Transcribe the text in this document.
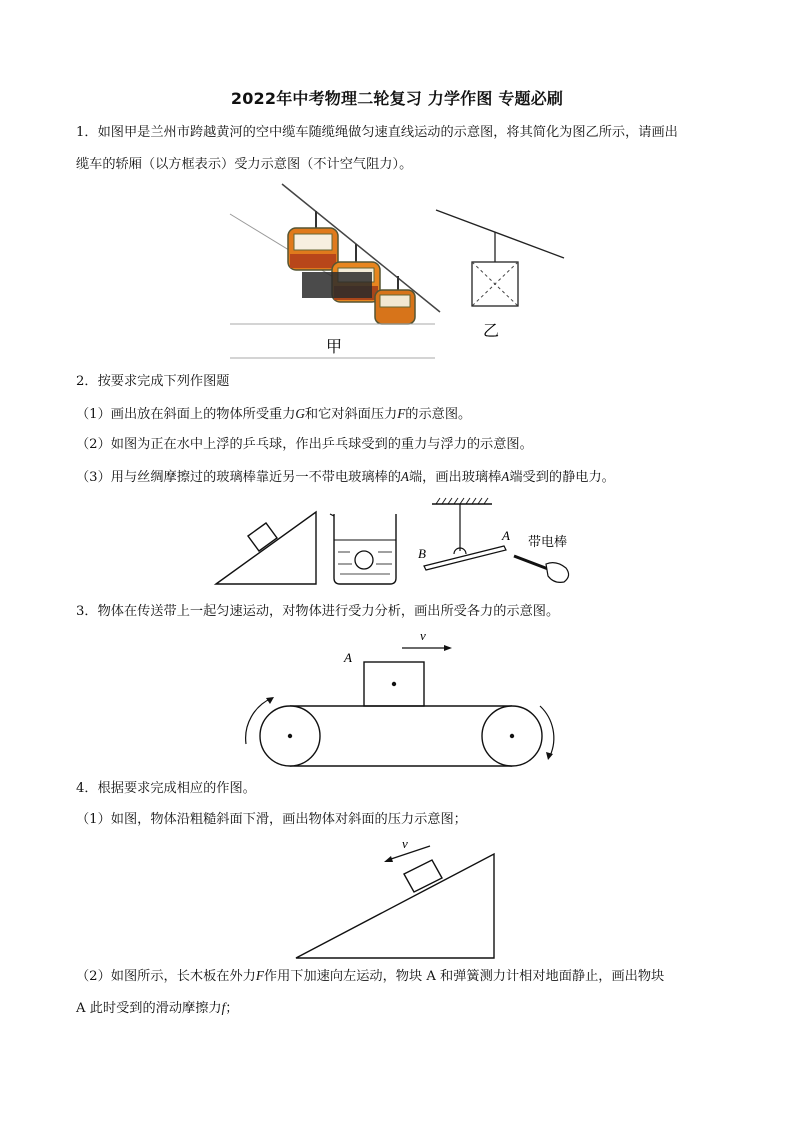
2022年中考物理二轮复习 力学作图 专题必刷
1．如图甲是兰州市跨越黄河的空中缆车随缆绳做匀速直线运动的示意图，将其简化为图乙所示，请画出
缆车的轿厢（以方框表示）受力示意图（不计空气阻力）。
甲
乙
2．按要求完成下列作图题
（1）画出放在斜面上的物体所受重力G和它对斜面压力F的示意图。
（2）如图为正在水中上浮的乒乓球，作出乒乓球受到的重力与浮力的示意图。
（3）用与丝绸摩擦过的玻璃棒靠近另一不带电玻璃棒的A端，画出玻璃棒A端受到的静电力。
B
A 带电棒
3．物体在传送带上一起匀速运动，对物体进行受力分析，画出所受各力的示意图。
v
A
4．根据要求完成相应的作图。
（1）如图，物体沿粗糙斜面下滑，画出物体对斜面的压力示意图；
v
（2）如图所示，长木板在外力F作用下加速向左运动，物块 A 和弹簧测力计相对地面静止，画出物块
A 此时受到的滑动摩擦力f；
